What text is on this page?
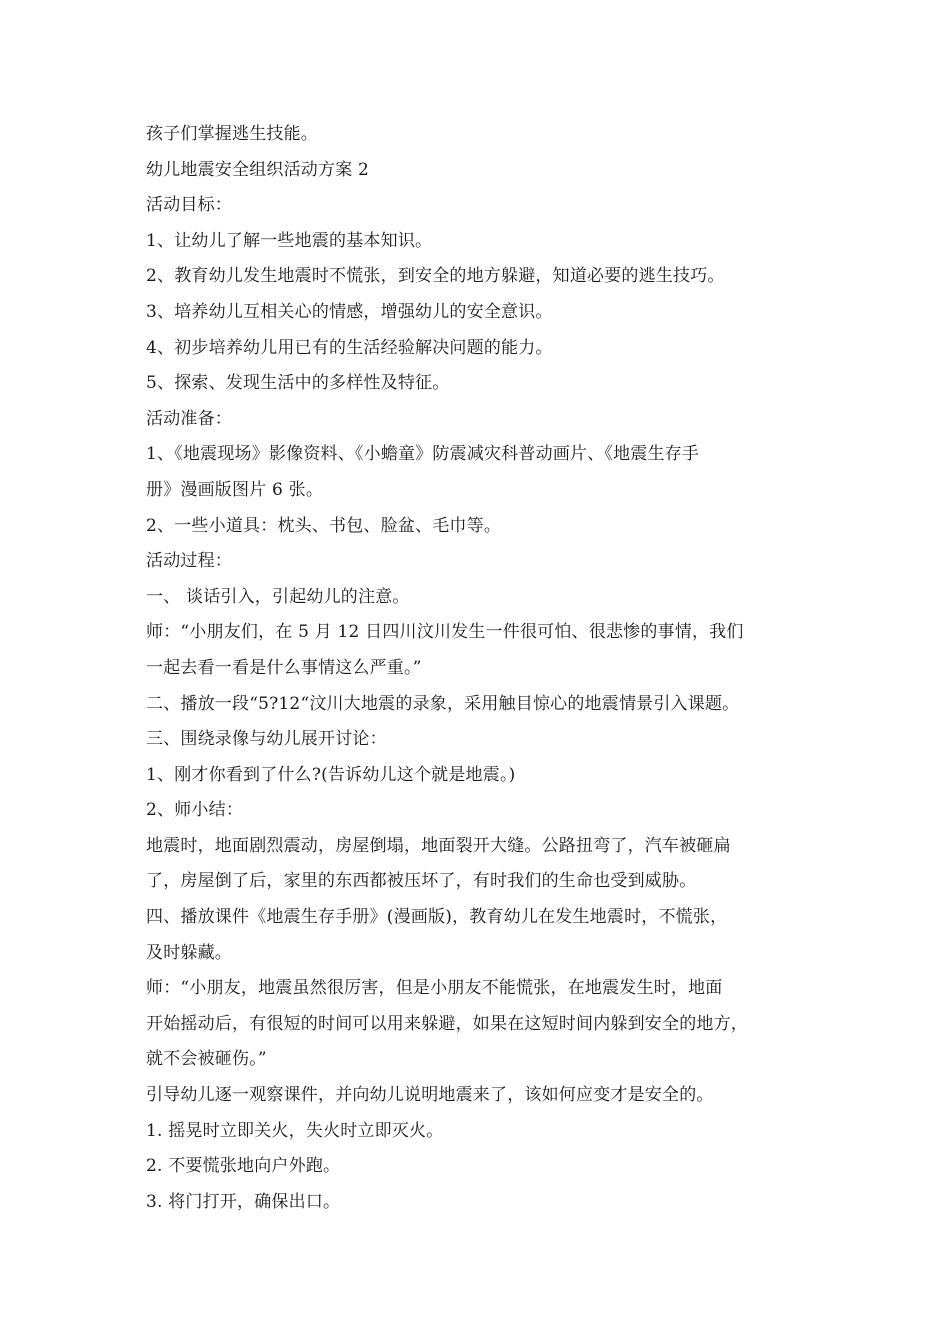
孩子们掌握逃生技能。
幼儿地震安全组织活动方案 2
活动目标：
1、让幼儿了解一些地震的基本知识。
2、教育幼儿发生地震时不慌张，到安全的地方躲避，知道必要的逃生技巧。
3、培养幼儿互相关心的情感，增强幼儿的安全意识。
4、初步培养幼儿用已有的生活经验解决问题的能力。
5、探索、发现生活中的多样性及特征。
活动准备：
1、《地震现场》影像资料、《小蟾童》防震减灾科普动画片、《地震生存手
册》漫画版图片 6 张。
2、一些小道具：枕头、书包、脸盆、毛巾等。
活动过程：
一、 谈话引入，引起幼儿的注意。
师：“小朋友们，在 5 月 12 日四川汶川发生一件很可怕、很悲惨的事情，我们
一起去看一看是什么事情这么严重。”
二、播放一段“5?12“汶川大地震的录象，采用触目惊心的地震情景引入课题。
三、围绕录像与幼儿展开讨论：
1、刚才你看到了什么?(告诉幼儿这个就是地震。)
2、师小结：
地震时，地面剧烈震动，房屋倒塌，地面裂开大缝。公路扭弯了，汽车被砸扁
了，房屋倒了后，家里的东西都被压坏了，有时我们的生命也受到威胁。
四、播放课件《地震生存手册》(漫画版)，教育幼儿在发生地震时，不慌张，
及时躲藏。
师：“小朋友，地震虽然很厉害，但是小朋友不能慌张，在地震发生时，地面
开始摇动后，有很短的时间可以用来躲避，如果在这短时间内躲到安全的地方，
就不会被砸伤。”
引导幼儿逐一观察课件，并向幼儿说明地震来了，该如何应变才是安全的。
1. 摇晃时立即关火，失火时立即灭火。
2. 不要慌张地向户外跑。
3. 将门打开，确保出口。
